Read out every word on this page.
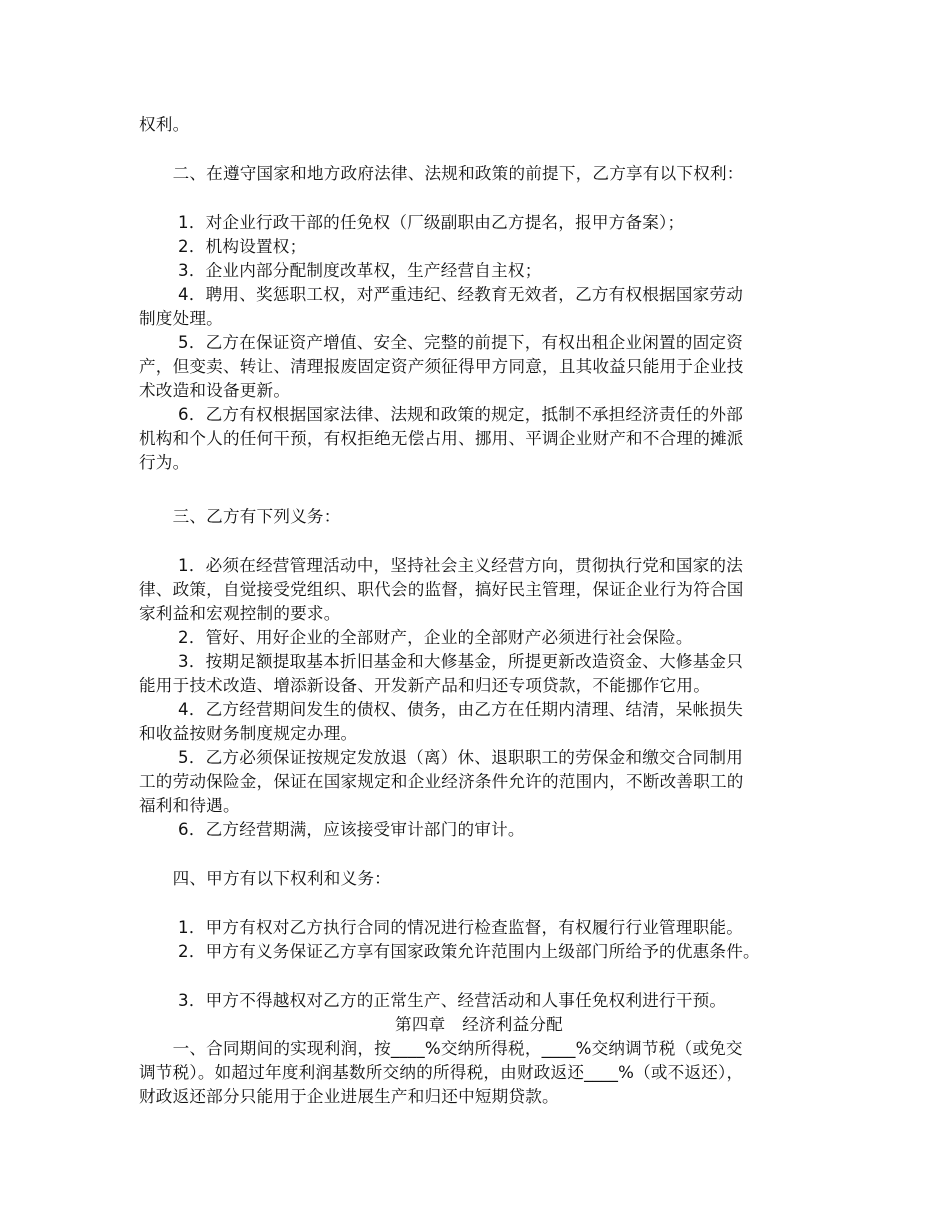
权利。
　　二、在遵守国家和地方政府法律、法规和政策的前提下，乙方享有以下权利：
　　 1．对企业行政干部的任免权（厂级副职由乙方提名，报甲方备案）；
　　 2．机构设置权；
　　 3．企业内部分配制度改革权，生产经营自主权；
　　 4．聘用、奖惩职工权，对严重违纪、经教育无效者，乙方有权根据国家劳动
制度处理。
　　 5．乙方在保证资产增值、安全、完整的前提下，有权出租企业闲置的固定资
产，但变卖、转让、清理报废固定资产须征得甲方同意，且其收益只能用于企业技
术改造和设备更新。
　　 6．乙方有权根据国家法律、法规和政策的规定，抵制不承担经济责任的外部
机构和个人的任何干预，有权拒绝无偿占用、挪用、平调企业财产和不合理的摊派
行为。
　　三、乙方有下列义务：
　　 1．必须在经营管理活动中，坚持社会主义经营方向，贯彻执行党和国家的法
律、政策，自觉接受党组织、职代会的监督，搞好民主管理，保证企业行为符合国
家利益和宏观控制的要求。
　　 2．管好、用好企业的全部财产，企业的全部财产必须进行社会保险。
　　 3．按期足额提取基本折旧基金和大修基金，所提更新改造资金、大修基金只
能用于技术改造、增添新设备、开发新产品和归还专项贷款，不能挪作它用。
　　 4．乙方经营期间发生的债权、债务，由乙方在任期内清理、结清，呆帐损失
和收益按财务制度规定办理。
　　 5．乙方必须保证按规定发放退（离）休、退职职工的劳保金和缴交合同制用
工的劳动保险金，保证在国家规定和企业经济条件允许的范围内，不断改善职工的
福利和待遇。
　　 6．乙方经营期满，应该接受审计部门的审计。
　　四、甲方有以下权利和义务：
　　 1．甲方有权对乙方执行合同的情况进行检查监督，有权履行行业管理职能。
　　 2．甲方有义务保证乙方享有国家政策允许范围内上级部门所给予的优惠条件。
　　 3．甲方不得越权对乙方的正常生产、经营活动和人事任免权利进行干预。
第四章　经济利益分配
　　一、合同期间的实现利润，按____%交纳所得税，____%交纳调节税（或免交
调节税）。如超过年度利润基数所交纳的所得税，由财政返还____%（或不返还），
财政返还部分只能用于企业进展生产和归还中短期贷款。
